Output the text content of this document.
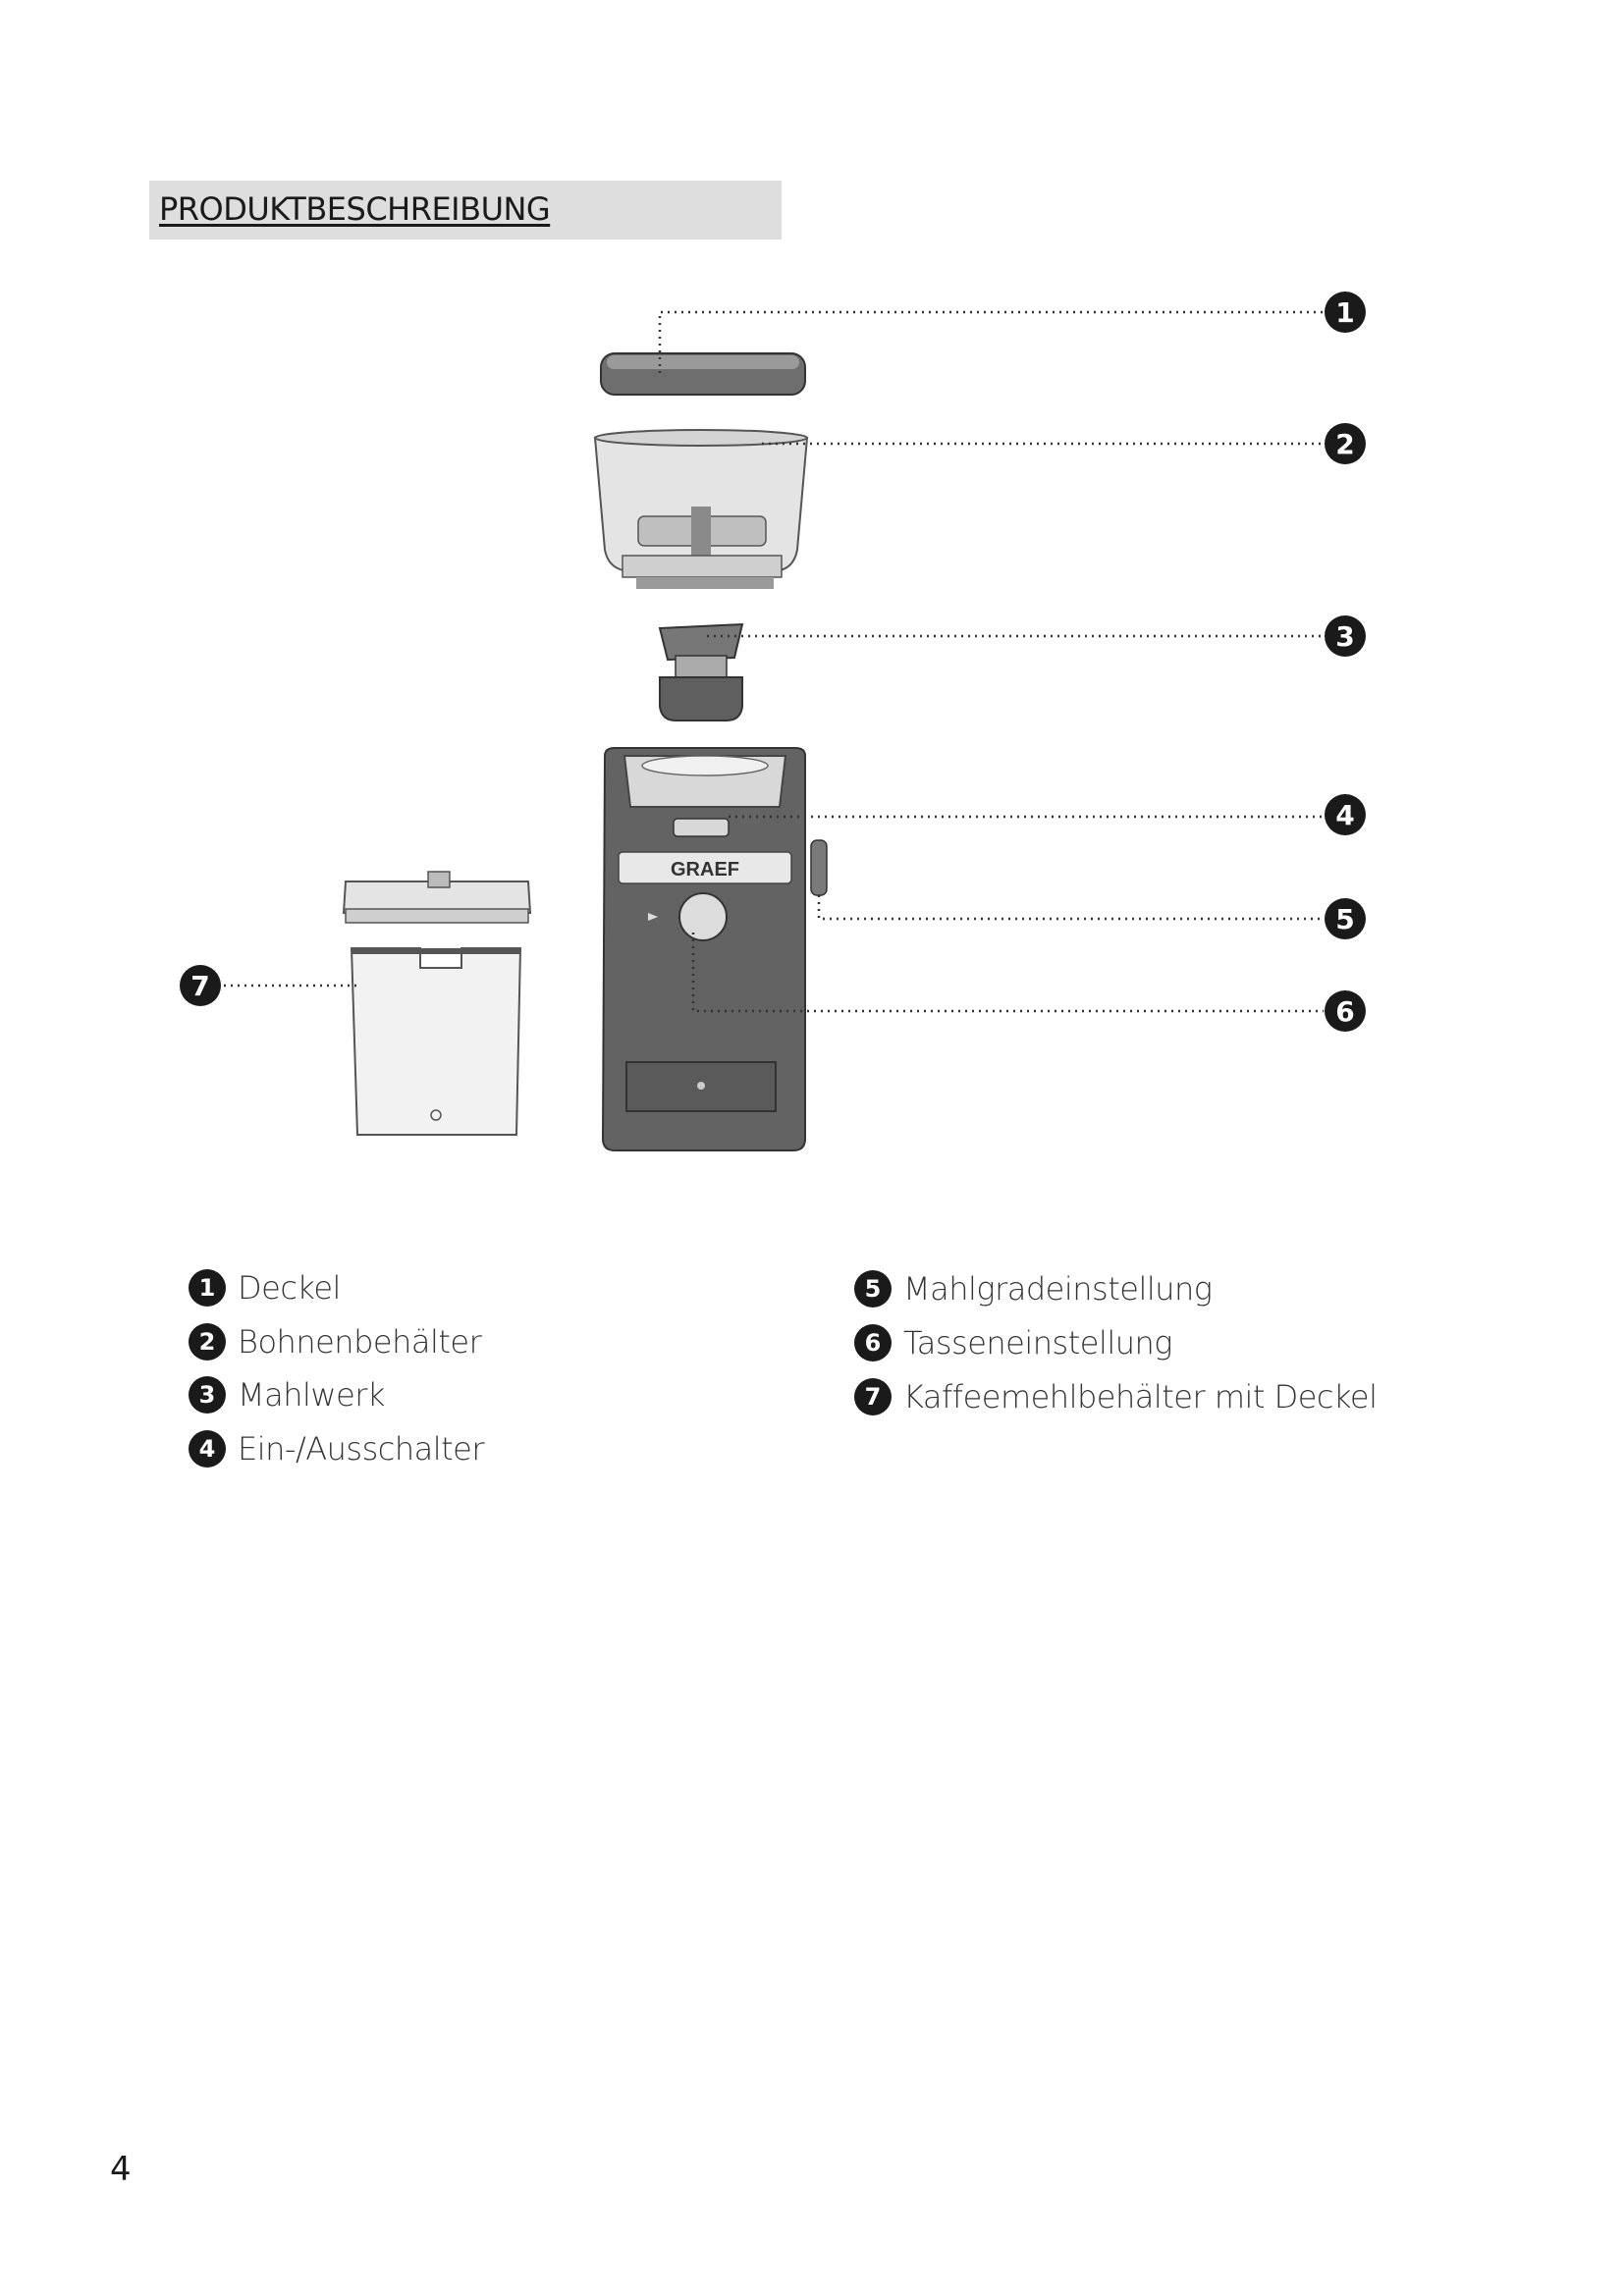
PRODUKTBESCHREIBUNG
GRAEF
1
2
3
4
5
6
7
1 Deckel
2 Bohnenbehälter
3 Mahlwerk
4 Ein-/Ausschalter
5 Mahlgradeinstellung
6 Tasseneinstellung
7 Kaffeemehlbehälter mit Deckel
4
